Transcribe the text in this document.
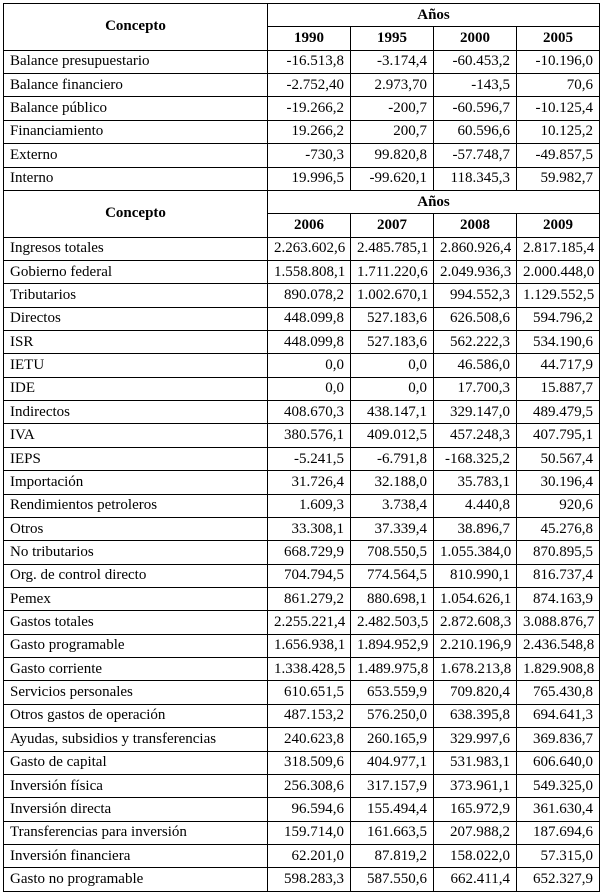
Concepto	Años			
	1990	1995	2000	2005
Balance presupuestario	-16.513,8	-3.174,4	-60.453,2	-10.196,0
Balance financiero	-2.752,40	2.973,70	-143,5	70,6
Balance público	-19.266,2	-200,7	-60.596,7	-10.125,4
Financiamiento	19.266,2	200,7	60.596,6	10.125,2
Externo	-730,3	99.820,8	-57.748,7	-49.857,5
Interno	19.996,5	-99.620,1	118.345,3	59.982,7
Concepto	Años			
	2006	2007	2008	2009
Ingresos totales	2.263.602,6	2.485.785,1	2.860.926,4	2.817.185,4
Gobierno federal	1.558.808,1	1.711.220,6	2.049.936,3	2.000.448,0
Tributarios	890.078,2	1.002.670,1	994.552,3	1.129.552,5
Directos	448.099,8	527.183,6	626.508,6	594.796,2
ISR	448.099,8	527.183,6	562.222,3	534.190,6
IETU	0,0	0,0	46.586,0	44.717,9
IDE	0,0	0,0	17.700,3	15.887,7
Indirectos	408.670,3	438.147,1	329.147,0	489.479,5
IVA	380.576,1	409.012,5	457.248,3	407.795,1
IEPS	-5.241,5	-6.791,8	-168.325,2	50.567,4
Importación	31.726,4	32.188,0	35.783,1	30.196,4
Rendimientos petroleros	1.609,3	3.738,4	4.440,8	920,6
Otros	33.308,1	37.339,4	38.896,7	45.276,8
No tributarios	668.729,9	708.550,5	1.055.384,0	870.895,5
Org. de control directo	704.794,5	774.564,5	810.990,1	816.737,4
Pemex	861.279,2	880.698,1	1.054.626,1	874.163,9
Gastos totales	2.255.221,4	2.482.503,5	2.872.608,3	3.088.876,7
Gasto programable	1.656.938,1	1.894.952,9	2.210.196,9	2.436.548,8
Gasto corriente	1.338.428,5	1.489.975,8	1.678.213,8	1.829.908,8
Servicios personales	610.651,5	653.559,9	709.820,4	765.430,8
Otros gastos de operación	487.153,2	576.250,0	638.395,8	694.641,3
Ayudas, subsidios y transferencias	240.623,8	260.165,9	329.997,6	369.836,7
Gasto de capital	318.509,6	404.977,1	531.983,1	606.640,0
Inversión física	256.308,6	317.157,9	373.961,1	549.325,0
Inversión directa	96.594,6	155.494,4	165.972,9	361.630,4
Transferencias para inversión	159.714,0	161.663,5	207.988,2	187.694,6
Inversión financiera	62.201,0	87.819,2	158.022,0	57.315,0
Gasto no programable	598.283,3	587.550,6	662.411,4	652.327,9
